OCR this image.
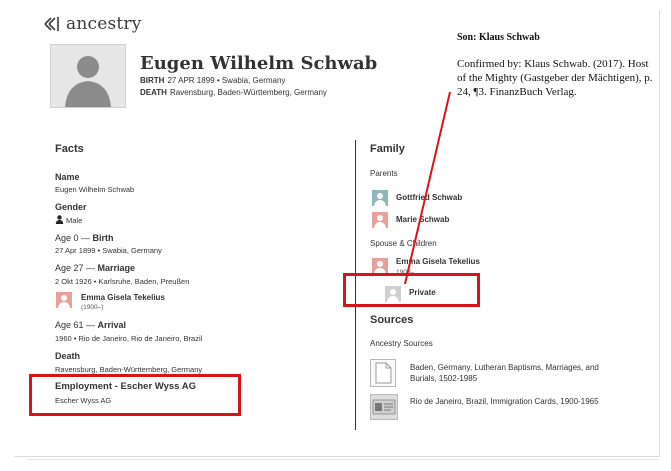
ancestry
Eugen Wilhelm Schwab
BIRTH 27 APR 1899 • Swabia, Germany
DEATH Ravensburg, Baden-Württemberg, Germany
Son: Klaus Schwab
Confirmed by: Klaus Schwab. (2017). Host of the Mighty (Gastgeber der Mächtigen), p. 24, ¶3. FinanzBuch Verlag.
Facts
Name
Eugen Wilhelm Schwab
Gender
Male
Age 0 — Birth
27 Apr 1899 • Swabia, Germany
Age 27 — Marriage
2 Okt 1926 • Karlsruhe, Baden, Preußen
Emma Gisela Tekelius
(1900–)
Age 61 — Arrival
1960 • Rio de Janeiro, Rio de Janeiro, Brazil
Death
Ravensburg, Baden-Württemberg, Germany
Employment - Escher Wyss AG
Escher Wyss AG
Family
Parents
Gottfried Schwab
Marie Schwab
Spouse & Children
Emma Gisela Tekelius
1900–
Private
Sources
Ancestry Sources
Baden, Germany, Lutheran Baptisms, Marriages, and Burials, 1502-1985
Rio de Janeiro, Brazil, Immigration Cards, 1900-1965
